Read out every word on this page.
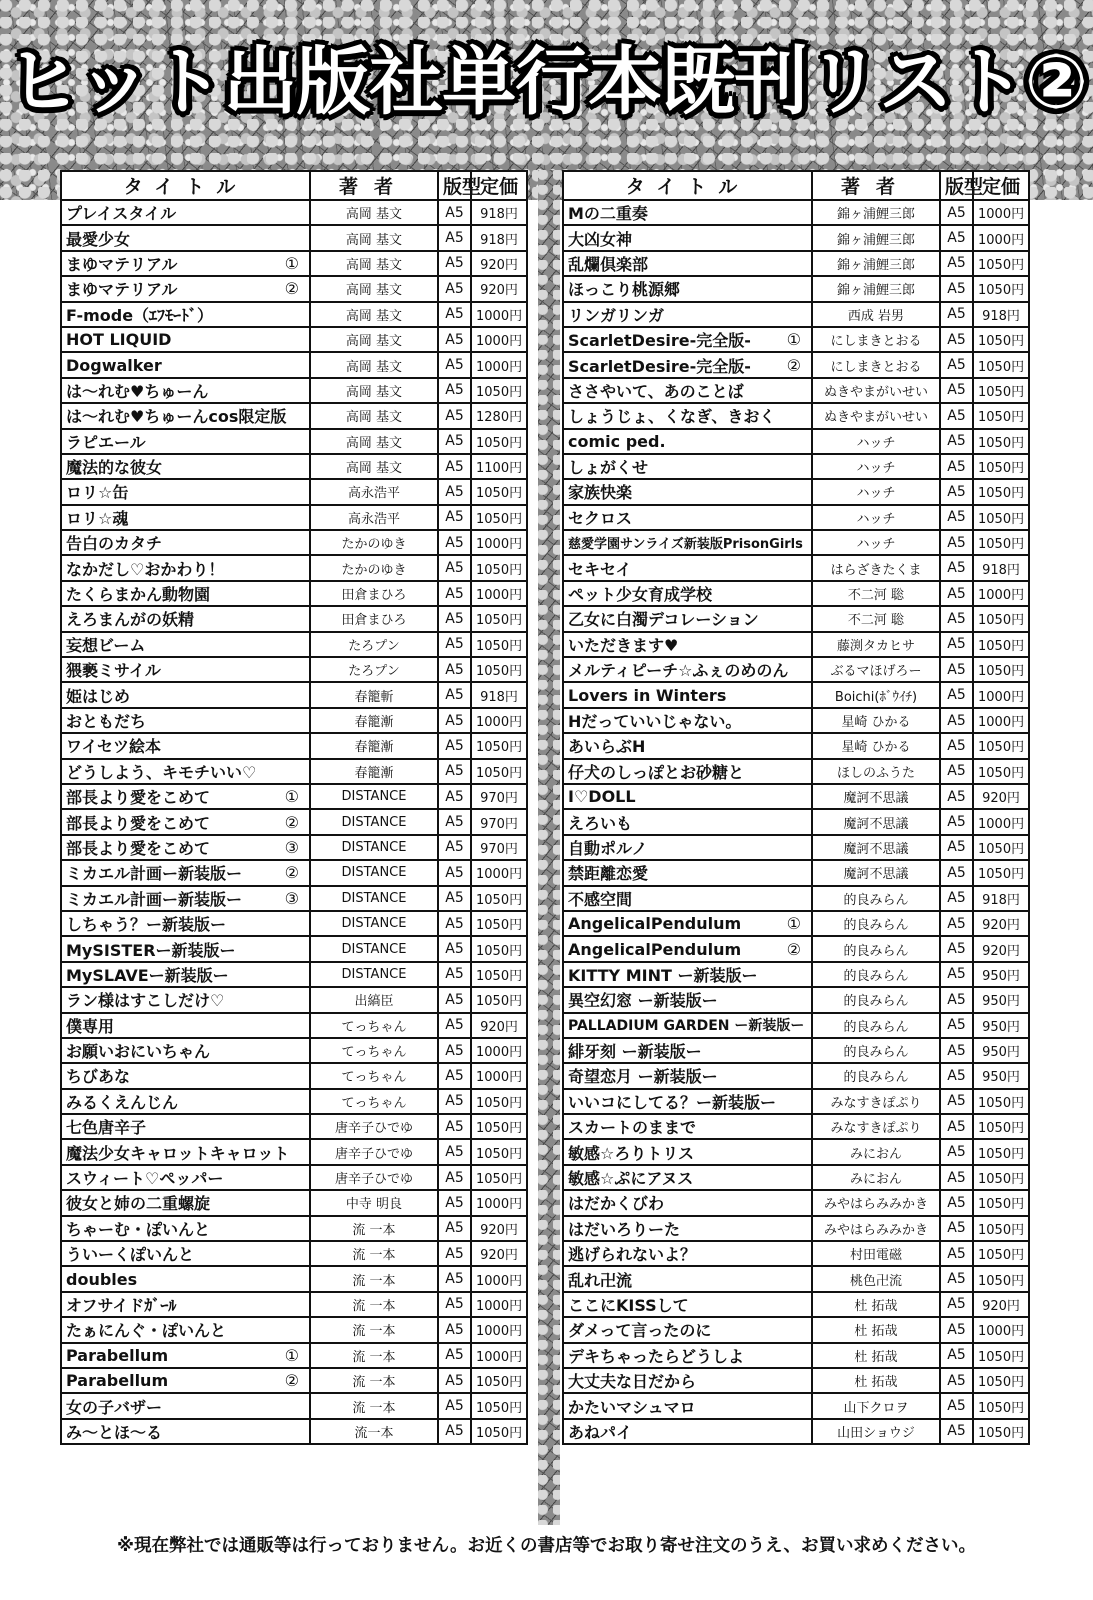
ヒット出版社単行本既刊リスト②
タイトル	著者	版型	定価

プレイスタイル	高岡 基文	A5	918円

最愛少女	高岡 基文	A5	918円

まゆマテリアル ①	高岡 基文	A5	920円

まゆマテリアル ②	高岡 基文	A5	920円

F-mode（ｴﾌﾓｰﾄﾞ）	高岡 基文	A5	1000円

HOT LIQUID	高岡 基文	A5	1000円

Dogwalker	高岡 基文	A5	1000円

は～れむ♥ちゅーん	高岡 基文	A5	1050円

は～れむ♥ちゅーんcos限定版	高岡 基文	A5	1280円

ラピエール	高岡 基文	A5	1050円

魔法的な彼女	高岡 基文	A5	1100円

ロリ☆缶	高永浩平	A5	1050円

ロリ☆魂	高永浩平	A5	1050円

告白のカタチ	たかのゆき	A5	1000円

なかだし♡おかわり！	たかのゆき	A5	1050円

たくらまかん動物園	田倉まひろ	A5	1000円

えろまんがの妖精	田倉まひろ	A5	1050円

妄想ビーム	たろプン	A5	1050円

猥褻ミサイル	たろプン	A5	1050円

姫はじめ	春籠斬	A5	918円

おともだち	春籠漸	A5	1000円

ワイセツ絵本	春籠漸	A5	1050円

どうしよう、キモチいい♡	春籠漸	A5	1050円

部長より愛をこめて ①	DISTANCE	A5	970円

部長より愛をこめて ②	DISTANCE	A5	970円

部長より愛をこめて ③	DISTANCE	A5	970円

ミカエル計画ー新装版ー ②	DISTANCE	A5	1000円

ミカエル計画ー新装版ー ③	DISTANCE	A5	1050円

しちゃう？ー新装版ー	DISTANCE	A5	1050円

MySISTERー新装版ー	DISTANCE	A5	1050円

MySLAVEー新装版ー	DISTANCE	A5	1050円

ラン様はすこしだけ♡	出縞臣	A5	1050円

僕専用	てっちゃん	A5	920円

お願いおにいちゃん	てっちゃん	A5	1000円

ちびあな	てっちゃん	A5	1000円

みるくえんじん	てっちゃん	A5	1050円

七色唐辛子	唐辛子ひでゆ	A5	1050円

魔法少女キャロットキャロット	唐辛子ひでゆ	A5	1050円

スウィート♡ペッパー	唐辛子ひでゆ	A5	1050円

彼女と姉の二重螺旋	中寺 明良	A5	1000円

ちゃーむ・ぽいんと	流 一本	A5	920円

ういーくぽいんと	流 一本	A5	920円

doubles	流 一本	A5	1000円

オフサイドｶﾞｰﾙ	流 一本	A5	1000円

たぁにんぐ・ぽいんと	流 一本	A5	1000円

Parabellum ①	流 一本	A5	1000円

Parabellum ②	流 一本	A5	1050円

女の子バザー	流 一本	A5	1050円

み～とほ～る	流一本	A5	1050円
タイトル	著者	版型	定価

Mの二重奏	錦ヶ浦鯉三郎	A5	1000円

大凶女神	錦ヶ浦鯉三郎	A5	1000円

乱爛倶楽部	錦ヶ浦鯉三郎	A5	1050円

ほっこり桃源郷	錦ヶ浦鯉三郎	A5	1050円

リンガリンガ	西成 岩男	A5	918円

ScarletDesire-完全版- ①	にしまきとおる	A5	1050円

ScarletDesire-完全版- ②	にしまきとおる	A5	1050円

ささやいて、あのことば	ぬきやまがいせい	A5	1050円

しょうじょ、くなぎ、きおく	ぬきやまがいせい	A5	1050円

comic ped.	ハッチ	A5	1050円

しょがくせ	ハッチ	A5	1050円

家族快楽	ハッチ	A5	1050円

セクロス	ハッチ	A5	1050円

慈愛学園サンライズ新装版PrisonGirls	ハッチ	A5	1050円

セキセイ	はらざきたくま	A5	918円

ペット少女育成学校	不二河 聡	A5	1000円

乙女に白濁デコレーション	不二河 聡	A5	1050円

いただきます♥	藤渕タカヒサ	A5	1050円

メルティピーチ☆ふぇのめのん	ぶるマほげろー	A5	1050円

Lovers in Winters	Boichi(ﾎﾞｳｲﾁ)	A5	1000円

Hだっていいじゃない。	星崎 ひかる	A5	1000円

あいらぶH	星崎 ひかる	A5	1050円

仔犬のしっぽとお砂糖と	ほしのふうた	A5	1050円

I♡DOLL	魔訶不思議	A5	920円

えろいも	魔訶不思議	A5	1000円

自動ポルノ	魔訶不思議	A5	1050円

禁距離恋愛	魔訶不思議	A5	1050円

不感空間	的良みらん	A5	918円

AngelicalPendulum ①	的良みらん	A5	920円

AngelicalPendulum ②	的良みらん	A5	920円

KITTY MINT ー新装版ー	的良みらん	A5	950円

異空幻窓 ー新装版ー	的良みらん	A5	950円

PALLADIUM GARDEN ー新装版ー	的良みらん	A5	950円

緋牙刻 ー新装版ー	的良みらん	A5	950円

奇望恋月 ー新装版ー	的良みらん	A5	950円

いいコにしてる？ー新装版ー	みなすきぽぷり	A5	1050円

スカートのままで	みなすきぽぷり	A5	1050円

敏感☆ろりトリス	みにおん	A5	1050円

敏感☆ぷにアヌス	みにおん	A5	1050円

はだかくびわ	みやはらみみかき	A5	1050円

はだいろりーた	みやはらみみかき	A5	1050円

逃げられないよ？	村田電磁	A5	1050円

乱れ卍流	桃色卍流	A5	1050円

ここにKISSして	杜 拓哉	A5	920円

ダメって言ったのに	杜 拓哉	A5	1000円

デキちゃったらどうしよ	杜 拓哉	A5	1050円

大丈夫な日だから	杜 拓哉	A5	1050円

かたいマシュマロ	山下クロヲ	A5	1050円

あねパイ	山田ショウジ	A5	1050円

※現在弊社では通販等は行っておりません。お近くの書店等でお取り寄せ注文のうえ、お買い求めください。
